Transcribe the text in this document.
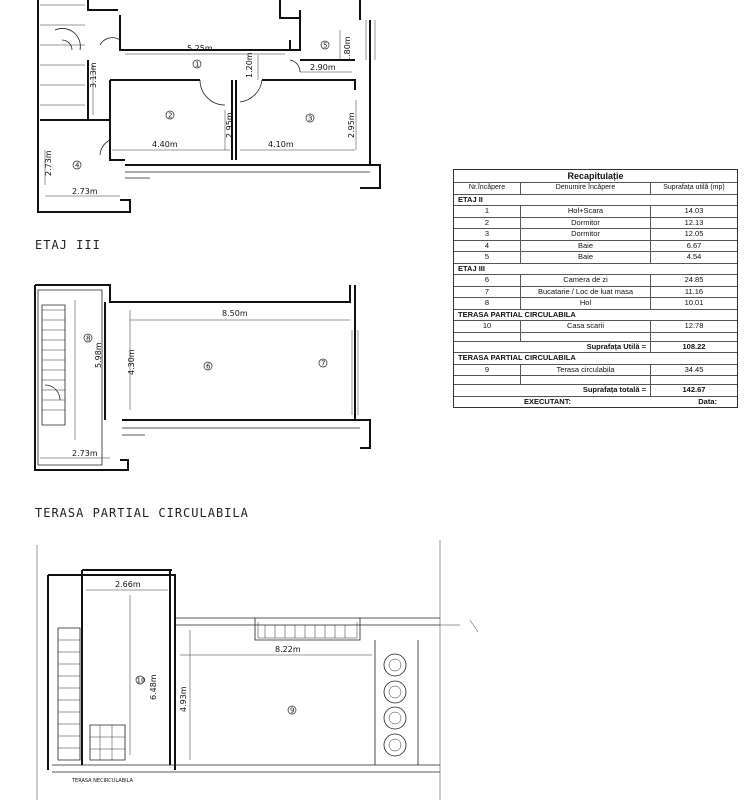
5.25m
1.20m	2.90m
1.80m
3.13m
4.40m
2.95m
4.10m
2.95m
2.73m
2.73m
1
2	3
4
5
ETAJ III
8.50m
5.98m	4.30m
2.73m
8
6	7
TERASA PARTIAL CIRCULABILA
2.66m
6.48m
8.22m
4.93m
TERASA NECIRCULABILA
10
9
Recapitulație
Nr.încăpere	Denumire încăpere	Suprafața utilă (mp)
ETAJ II
1	Hol+Scara	14.03
2	Dormitor	12.13
3	Dormitor	12.05
4	Baie	6.67
5	Baie	4.54
ETAJ III
6	Camera de zi	24.85
7	Bucatarie / Loc de luat masa	11.16
8	Hol	10.01
TERASA PARTIAL CIRCULABILA
10	Casa scarii	12.78
Suprafața Utilă =	108.22
TERASA PARTIAL CIRCULABILA
9	Terasa circulabila	34.45
Suprafața totală =	142.67
EXECUTANT:	Data:
